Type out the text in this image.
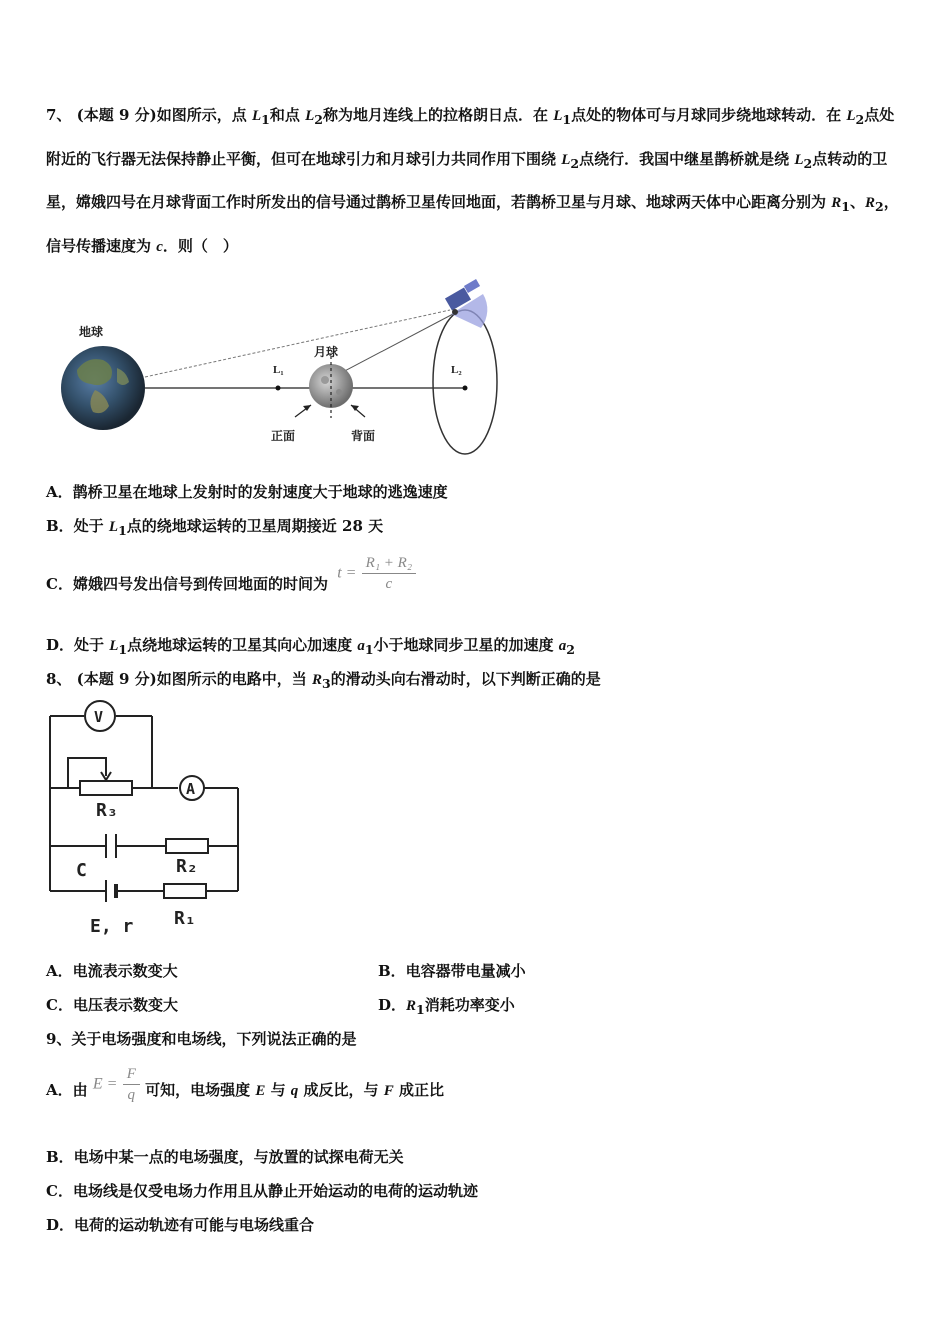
7、 (本题 9 分)如图所示，点 $L_1$和点 $L_2$称为地月连线上的拉格朗日点．在 $L_1$点处的物体可与月球同步绕地球转动．在 $L_2$点处附近的飞行器无法保持静止平衡，但可在地球引力和月球引力共同作用下围绕 $L_2$点绕行．我国中继星鹊桥就是绕 $L_2$点转动的卫星，嫦娥四号在月球背面工作时所发出的信号通过鹊桥卫星传回地面，若鹊桥卫星与月球、地球两天体中心距离分别为 $R_1$、$R_2$，信号传播速度为 c．则（　）
地球
L₁
月球
正面	背面
L₂
A．鹊桥卫星在地球上发射时的发射速度大于地球的逃逸速度
B．处于 $L_1$点的绕地球运转的卫星周期接近 28 天
C．嫦娥四号发出信号到传回地面的时间为 $t = \frac{\text{R₁ + R₂}}{c}$
D．处于 $L_1$点绕地球运转的卫星其向心加速度 $a_1$小于地球同步卫星的加速度 $a_2$
8、 (本题 9 分)如图所示的电路中，当 $R_3$的滑动头向右滑动时，以下判断正确的是
V
A
R₃
C	R₂
R₁
E, r
A．电流表示数变大	B．电容器带电量减小
C．电压表示数变大	D．$R_1$消耗功率变小
9、关于电场强度和电场线，下列说法正确的是
A．由 $E = \frac{F}{q}$ 可知，电场强度 E 与 q 成反比，与 F 成正比
B．电场中某一点的电场强度，与放置的试探电荷无关
C．电场线是仅受电场力作用且从静止开始运动的电荷的运动轨迹
D．电荷的运动轨迹有可能与电场线重合
